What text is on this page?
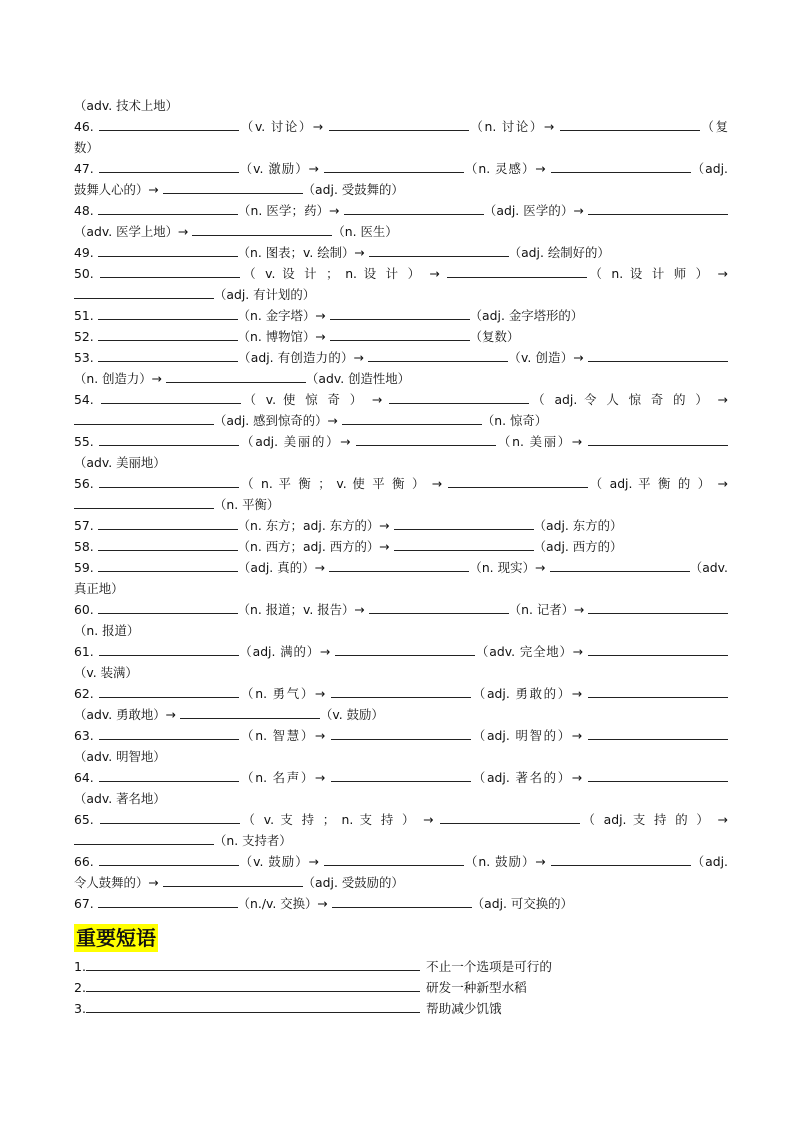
（adv. 技术上地）
46.	（v. 讨论）→	（n. 讨论）→	（复
数）
47.	（v. 激励）→	（n. 灵感）→	（adj.
鼓舞人心的）→	（adj. 受鼓舞的）
48.	（n. 医学；药）→	（adj. 医学的）→
（adv. 医学上地）→	（n. 医生）
49.	（n. 图表；v. 绘制）→	（adj. 绘制好的）
50.	（ v. 设 计 ； n. 设 计 ） →	（ n. 设 计 师 ） →
（adj. 有计划的）
51.	（n. 金字塔）→	（adj. 金字塔形的）
52.	（n. 博物馆）→	（复数）
53.	（adj. 有创造力的）→	（v. 创造）→
（n. 创造力）→	（adv. 创造性地）
54.	（ v. 使 惊 奇 ） →	（ adj. 令 人 惊 奇 的 ） →
（adj. 感到惊奇的）→	（n. 惊奇）
55.	（adj. 美丽的）→	（n. 美丽）→
（adv. 美丽地）
56.	（ n. 平 衡 ； v. 使 平 衡 ） →	（ adj. 平 衡 的 ） →
（n. 平衡）
57.	（n. 东方；adj. 东方的）→	（adj. 东方的）
58.	（n. 西方；adj. 西方的）→	（adj. 西方的）
59.	（adj. 真的）→	（n. 现实）→	（adv.
真正地）
60.	（n. 报道；v. 报告）→	（n. 记者）→
（n. 报道）
61.	（adj. 满的）→	（adv. 完全地）→
（v. 装满）
62.	（n. 勇气）→	（adj. 勇敢的）→
（adv. 勇敢地）→	（v. 鼓励）
63.	（n. 智慧）→	（adj. 明智的）→
（adv. 明智地）
64.	（n. 名声）→	（adj. 著名的）→
（adv. 著名地）
65.	（ v. 支 持 ； n. 支 持 ） →	（ adj. 支 持 的 ） →
（n. 支持者）
66.	（v. 鼓励）→	（n. 鼓励）→	（adj.
令人鼓舞的）→	（adj. 受鼓励的）
67.	（n./v. 交换）→	（adj. 可交换的）
重要短语
1.	不止一个选项是可行的
2.	研发一种新型水稻
3.	帮助减少饥饿
